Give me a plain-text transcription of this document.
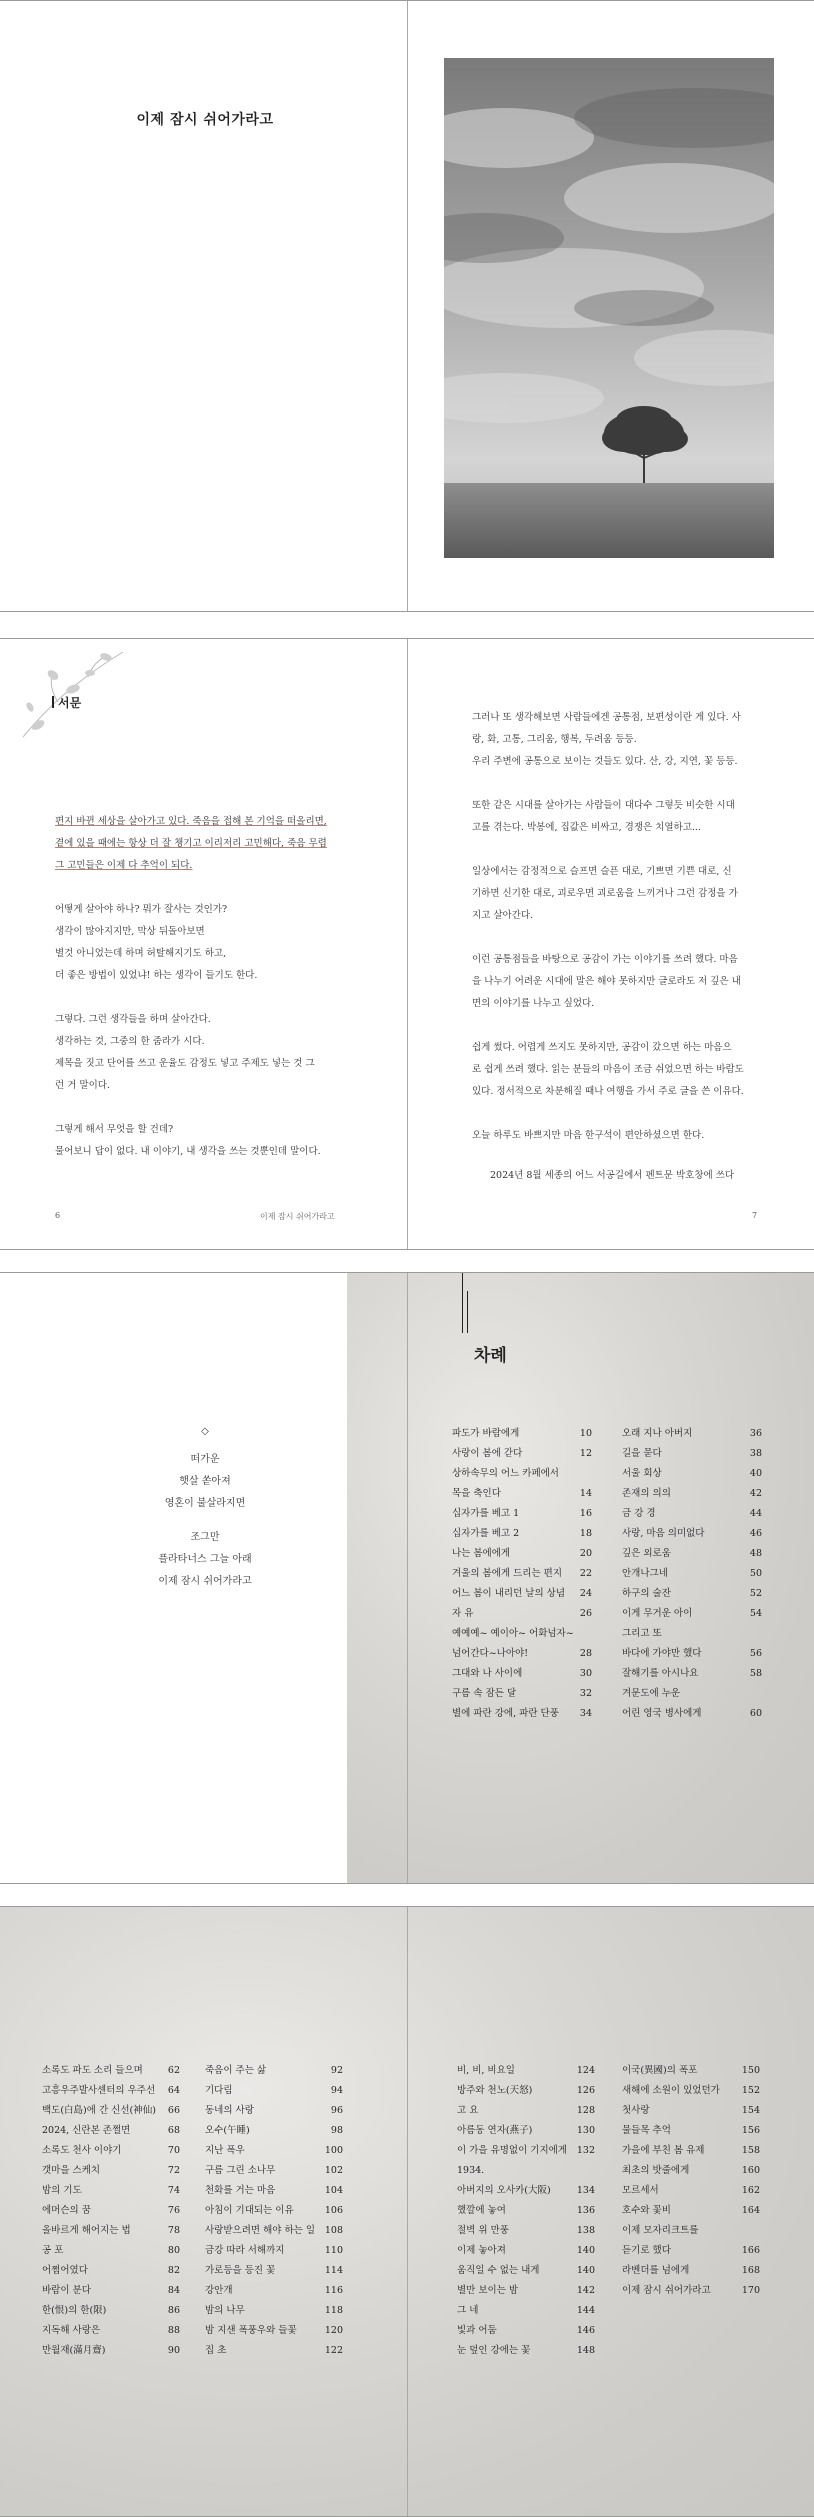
이제 잠시 쉬어가라고
서문
편지 바뀐 세상을 살아가고 있다. 죽음을 접해 본 기억을 떠올리면,
곁에 있을 때에는 항상 더 잘 챙기고 이리저리 고민해다, 죽음 무렵
그 고민들은 이제 다 추억이 되다.
어떻게 살아야 하나? 뭐가 잘사는 것인가?
생각이 많아지지만, 막상 뒤돌아보면
별것 아니었는데 하며 허탈해지기도 하고,
더 좋은 방법이 있었냐! 하는 생각이 들기도 한다.
그렇다. 그런 생각들을 하며 살아간다.
생각하는 것, 그중의 한 줌라가 시다.
제목을 짓고 단어를 쓰고 운율도 감정도 넣고 주제도 넣는 것 그
런 거 말이다.
그렇게 해서 무엇을 할 건데?
물어보니 답이 없다. 내 이야기, 내 생각을 쓰는 것뿐인데 말이다.
그러나 또 생각해보면 사람들에겐 공통점, 보편성이란 게 있다. 사
랑, 화, 고통, 그리움, 행복, 두려움 등등.
우리 주변에 공통으로 보이는 것들도 있다. 산, 강, 지연, 꽃 등등.
또한 같은 시대를 살아가는 사람들이 대다수 그렇듯 비슷한 시대
고를 겪는다. 박봉에, 집값은 비싸고, 경쟁은 치열하고...
일상에서는 감정적으로 슬프면 슬픈 대로, 기쁘면 기쁜 대로, 신
기하면 신기한 대로, 괴로우면 괴로움을 느끼거나 그런 감정을 가
지고 살아간다.
이런 공통점들을 바탕으로 공감이 가는 이야기를 쓰려 했다. 마음
을 나누기 어려운 시대에 말은 해야 못하지만 글로라도 저 깊은 내
면의 이야기를 나누고 싶었다.
쉽게 썼다. 어렵게 쓰지도 못하지만, 공감이 갔으면 하는 마음으
로 쉽게 쓰려 했다. 읽는 분들의 마음이 조금 쉬었으면 하는 바람도
있다. 정서적으로 차분해질 때나 여행을 가서 주로 글을 쓴 이유다.
오늘 하루도 바쁘지만 마음 한구석이 편안하셨으면 한다.
2024년 8월 세종의 어느 서공길에서 펜트문 박호창에 쓰다
6	이제 잠시 쉬어가라고	7
◇
떠가운
햇살 쏟아져
영혼이 불살라지면
조그만
플라타너스 그늘 아래
이제 잠시 쉬어가라고
차례
파도가 바람에게	10
사랑이 봄에 갇다	12
상하속무의 어느 카페에서
목을 축인다	14
십자가를 베고 1	16
십자가를 베고 2	18
나는 봄에에게	20
겨울의 봄에게 드리는 편지 22
어느 봄이 내리던 날의 상념 24
자 유	26
예예예~ 예이아~ 어화넘자~
넘어간다~나아야!	28
그대와 나 사이에	30
구름 속 잠든 달	32
별에 파란 강에, 파란 단풍 34
오래 지나 아버지	36
길을 묻다	38
서울 회상	40
존재의 의의	42
금 강 경	44
사랑, 마음 의미없다	46
깊은 외로움	48
안개나그네	50
하구의 술잔	52
이게 무거운 아이	54
그리고 또
바다에 가야만 했다	56
잘해기를 아시나요	58
겨문도에 누운
어린 영국 병사에게	60
소록도 파도 소리 들으며	62
고흥우주발사센터의 우주선 64
백도(白島)에 간 신선(神仙) 66
2024, 신란본 존쩔면	68
소록도 천사 이야기	70
갯마을 스케치	72
밤의 기도	74
에머슨의 꿈	76
올바르게 해어지는 법	78
공 포	80
어쩜어였다	82
바람이 분다	84
한(恨)의 한(限)	86
지독해 사랑은	88
만월재(滿月齋)	90
죽음이 주는 삶	92
기다림	94
동네의 사랑	96
오수(午睡)	98
지난 폭우	100
구름 그린 소나무	102
천화를 거는 마음	104
아침이 기대되는 이유	106
사랑받으려면 해야 하는 일 108
금강 따라 서해까지	110
가로등을 등진 꽃	114
강안개	116
밤의 나무	118
밤 지샌 폭풍우와 들꽃	120
집 초	122
비, 비, 비요일	124
방주와 천노(天怒)	126
고 요	128
아름동 연자(燕子)	130
이 가을 유명없이 기지에게 132
1934.
아버지의 오사카(大阪)	134
했깔에 놓여	136
절벽 위 만풍	138
이제 놓아져	140
움직일 수 없는 내게	140
별만 보이는 밤	142
그 네	144
빛과 어둠	146
눈 덮인 강에는 꽃	148
이국(異國)의 폭포	150
새해에 소원이 있었던가 152
첫사랑	154
물들목 추억	156
가을에 부친 봄 유제	158
최초의 밧줄에게	160
모르세서	162
호수와 꽃비	164
이제 모자리크트를
듣기로 했다	166
라벤더를 넘에게	168
이제 잠시 쉬어가라고	170
